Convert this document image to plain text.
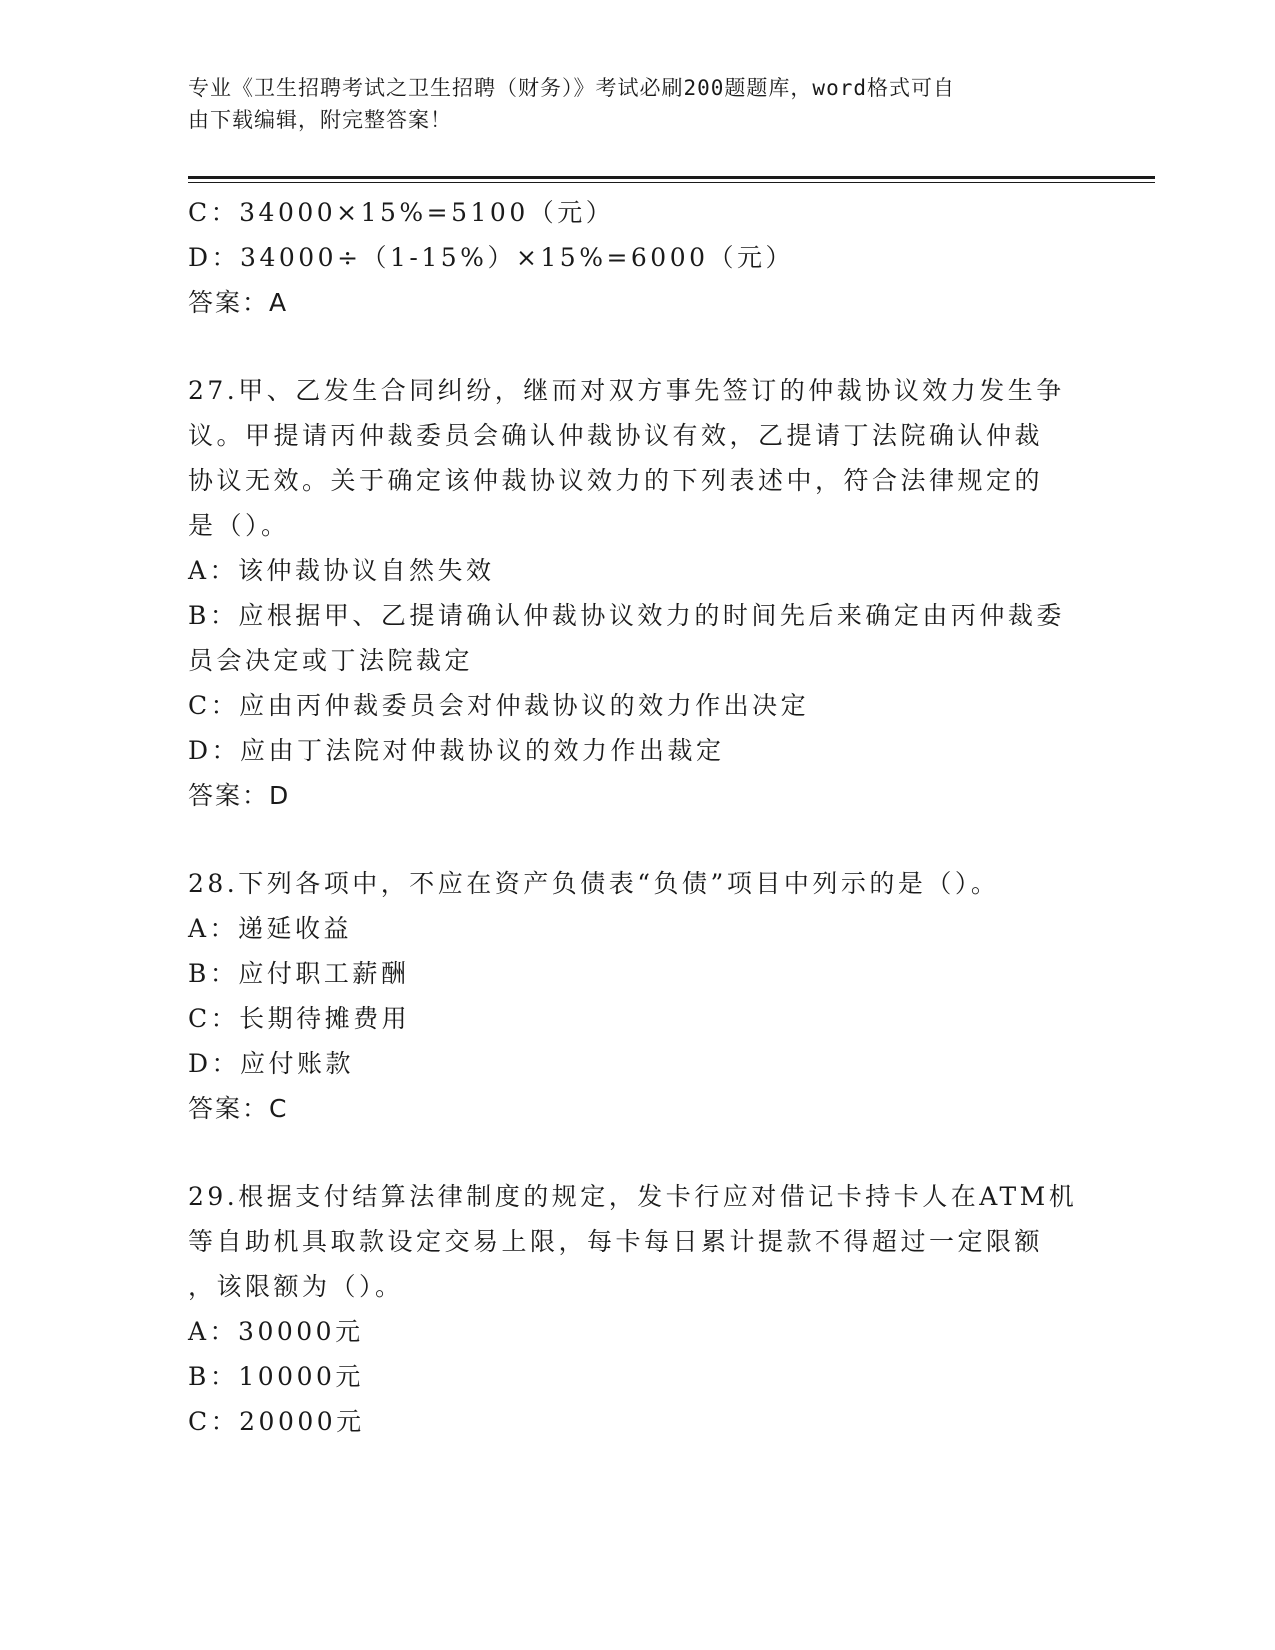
专业《卫生招聘考试之卫生招聘（财务）》考试必刷200题题库，word格式可自
由下载编辑，附完整答案！
C：34000×15%=5100（元）
D：34000÷（1-15%）×15%=6000（元）
答案：A
27.甲、乙发生合同纠纷，继而对双方事先签订的仲裁协议效力发生争
议。甲提请丙仲裁委员会确认仲裁协议有效，乙提请丁法院确认仲裁
协议无效。关于确定该仲裁协议效力的下列表述中，符合法律规定的
是（）。
A：该仲裁协议自然失效
B：应根据甲、乙提请确认仲裁协议效力的时间先后来确定由丙仲裁委
员会决定或丁法院裁定
C：应由丙仲裁委员会对仲裁协议的效力作出决定
D：应由丁法院对仲裁协议的效力作出裁定
答案：D
28.下列各项中，不应在资产负债表“负债”项目中列示的是（）。
A：递延收益
B：应付职工薪酬
C：长期待摊费用
D：应付账款
答案：C
29.根据支付结算法律制度的规定，发卡行应对借记卡持卡人在ATM机
等自助机具取款设定交易上限，每卡每日累计提款不得超过一定限额
，该限额为（）。
A：30000元
B：10000元
C：20000元
